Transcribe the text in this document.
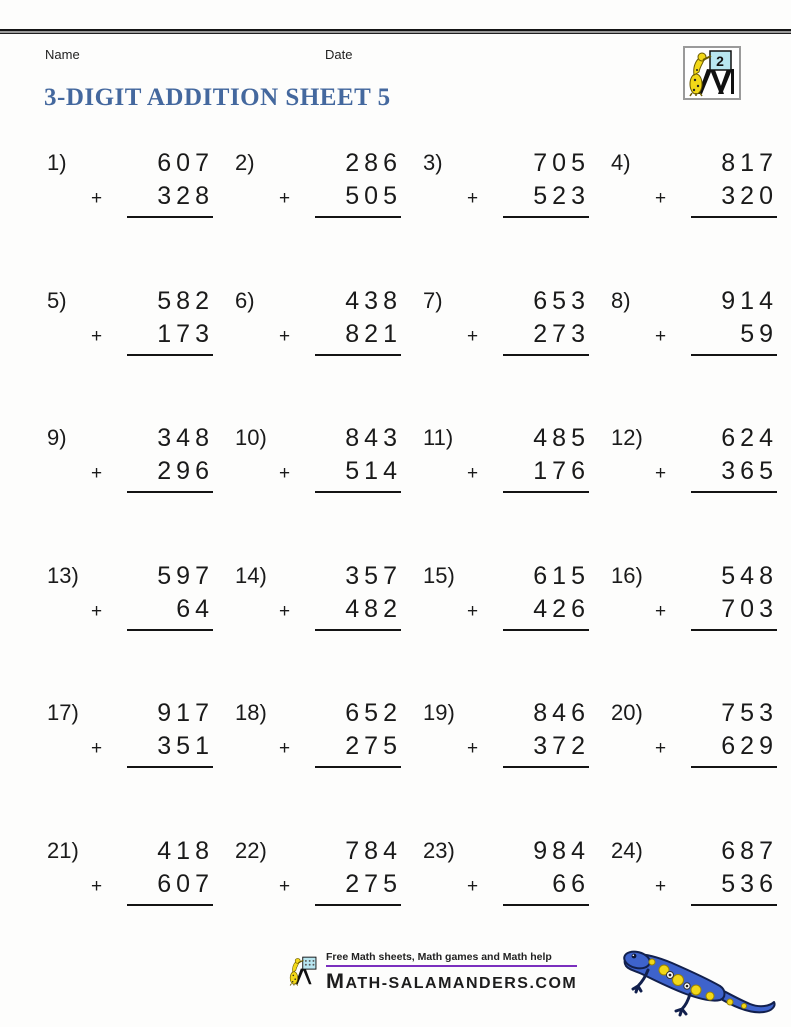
Name	Date	2
3-DIGIT ADDITION SHEET 5
1)	607
+ 328
2)	286
+ 505
3)	705
+ 523
4)	817
+ 320
5)	582
+ 173
6)	438
+ 821
7)	653
+ 273
8)	914
+	59
9)	348
+ 296
10)	843
+ 514
11)	485
+ 176
12)	624
+ 365
13)	597
+	64
14)	357
+ 482
15)	615
+ 426
16)	548
+ 703
17)	917
+ 351
18)	652
+ 275
19)	846
+ 372
20)	753
+ 629
21)	418
+ 607
22)	784
+ 275
23)	984
+	66
24)	687
+ 536
Free Math sheets, Math games and Math help
MATH-SALAMANDERS.COM
